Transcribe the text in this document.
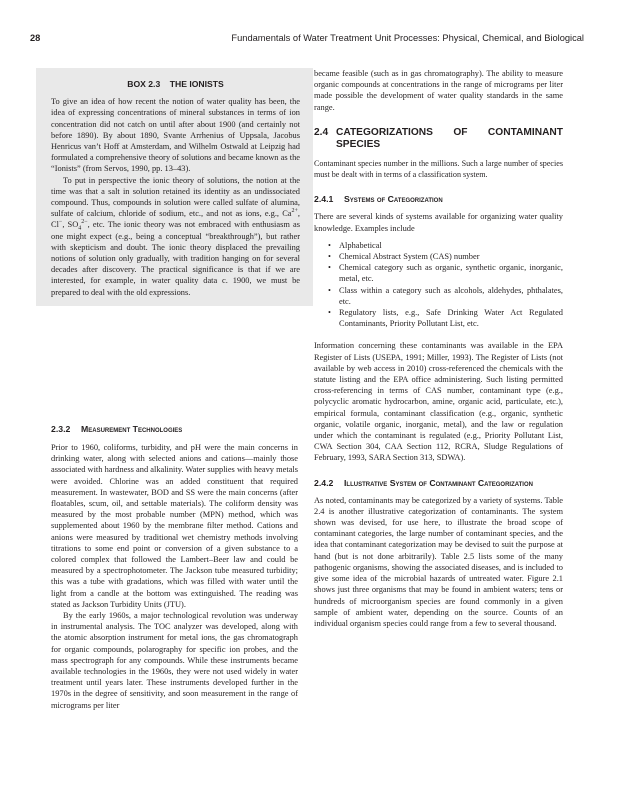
28	Fundamentals of Water Treatment Unit Processes: Physical, Chemical, and Biological
BOX 2.3    THE IONISTS

To give an idea of how recent the notion of water quality has been, the idea of expressing concentrations of mineral substances in terms of ion concentration did not catch on until after about 1900 (and certainly not before 1890). By about 1890, Svante Arrhenius of Uppsala, Jacobus Henricus van’t Hoff at Amsterdam, and Wilhelm Ostwald at Leipzig had formulated a comprehensive theory of solutions and became known as the “Ionists” (from Servos, 1990, pp. 13–43).

To put in perspective the ionic theory of solutions, the notion at the time was that a salt in solution retained its identity as an undissociated compound. Thus, compounds in solution were called sulfate of alumina, sulfate of calcium, chloride of sodium, etc., and not as ions, e.g., $Ca^{2+}$, Cl−, $SO_4^{2-}$, etc. The ionic theory was not embraced with enthusiasm as one might expect (e.g., being a conceptual “breakthrough”), but rather with skepticism and doubt. The ionic theory displaced the prevailing notions of solution only gradually, with tradition hanging on for several decades after discovery. The practical significance is that if we are interested, for example, in water quality data c. 1900, we must be prepared to deal with the old expressions.

2.3.2	Measurement Technologies

Prior to 1960, coliforms, turbidity, and pH were the main concerns in drinking water, along with selected anions and cations—mainly those associated with hardness and alkalinity. Water supplies with heavy metals were avoided. Chlorine was an added constituent that required measurement. In wastewater, BOD and SS were the main concerns (after floatables, scum, oil, and settable materials). The coliform density was measured by the most probable number (MPN) method, which was supplemented about 1960 by the membrane filter method. Cations and anions were measured by traditional wet chemistry methods involving titrations to some end point or conversion of a given substance to a colored complex that followed the Lambert–Beer law and could be measured by a spectrophotometer. The Jackson tube measured turbidity; this was a tube with gradations, which was filled with water until the light from a candle at the bottom was extinguished. The reading was stated as Jackson Turbidity Units (JTU).

By the early 1960s, a major technological revolution was underway in instrumental analysis. The TOC analyzer was developed, along with the atomic absorption instrument for metal ions, the gas chromatograph for organic compounds, polarography for specific ion probes, and the mass spectrograph for any compounds. While these instruments became available technologies in the 1960s, they were not used widely in water treatment until years later. These instruments developed further in the 1970s in the degree of sensitivity, and soon measurement in the range of micrograms per liter

became feasible (such as in gas chromatography). The ability to measure organic compounds at concentrations in the range of micrograms per liter made possible the development of water quality standards in the same range.

2.4 CATEGORIZATIONS OF CONTAMINANT SPECIES

Contaminant species number in the millions. Such a large number of species must be dealt with in terms of a classification system.

2.4.1	Systems of Categorization

There are several kinds of systems available for organizing water quality knowledge. Examples include

• Alphabetical
• Chemical Abstract System (CAS) number
• Chemical category such as organic, synthetic organic, inorganic, metal, etc.
• Class within a category such as alcohols, aldehydes, phthalates, etc.
• Regulatory lists, e.g., Safe Drinking Water Act Regulated Contaminants, Priority Pollutant List, etc.

Information concerning these contaminants was available in the EPA Register of Lists (USEPA, 1991; Miller, 1993). The Register of Lists (not available by web access in 2010) cross-referenced the chemicals with the statute listing and the EPA office administering. Such listing permitted cross-referencing in terms of CAS number, contaminant type (e.g., polycyclic aromatic hydrocarbon, amine, organic acid, particulate, etc.), empirical formula, contaminant classification (e.g., organic, synthetic organic, volatile organic, inorganic, metal), and the law or regulation under which the contaminant is regulated (e.g., Priority Pollutant List, CWA Section 304, CAA Section 112, RCRA, Sludge Regulations of February, 1993, SARA Section 313, SDWA).

2.4.2	Illustrative System of Contaminant Categorization

As noted, contaminants may be categorized by a variety of systems. Table 2.4 is another illustrative categorization of contaminants. The system shown was devised, for use here, to illustrate the broad scope of contaminant categories, the large number of contaminant species, and the idea that contaminant categorization may be devised to suit the purpose at hand (but is not done arbitrarily). Table 2.5 lists some of the many pathogenic organisms, showing the associated diseases, and is included to give some idea of the microbial hazards of untreated water. Figure 2.1 shows just three organisms that may be found in ambient waters; tens or hundreds of microorganism species are found commonly in a given sample of ambient water, depending on the source. Counts of an individual organism species could range from a few to several thousand.
